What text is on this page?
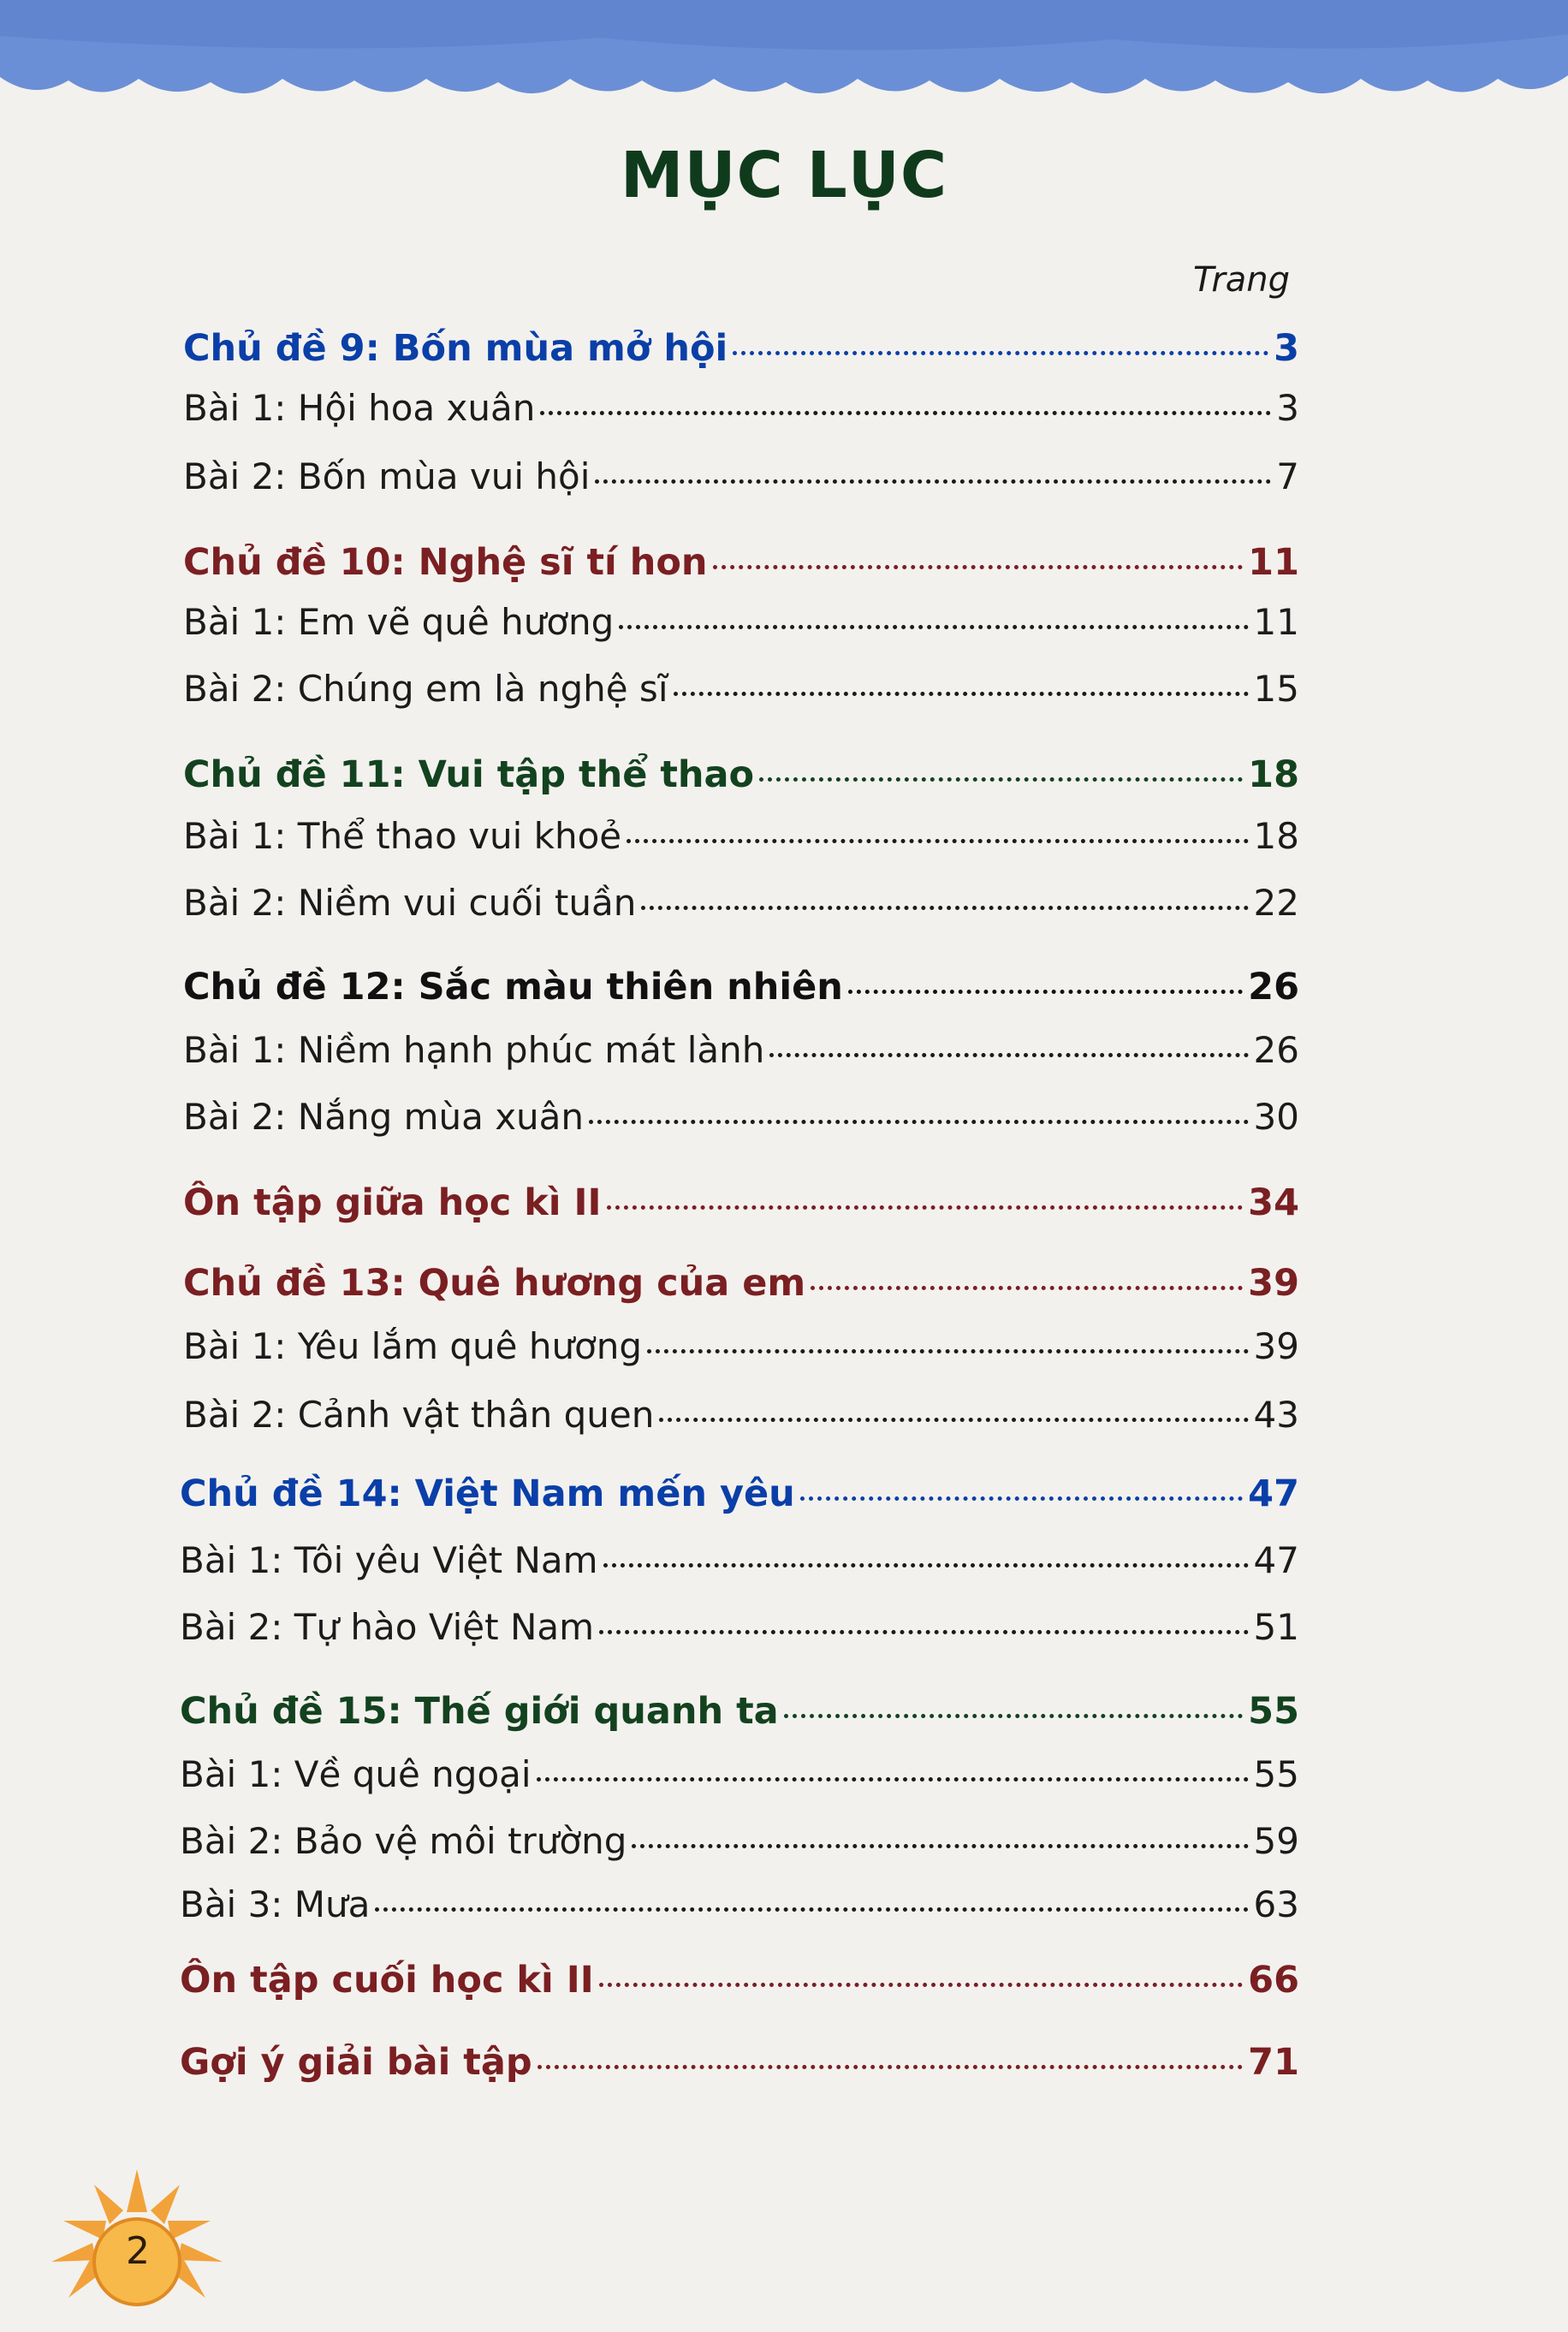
MỤC LỤC
Trang
Chủ đề 9: Bốn mùa mở hội	3
Bài 1: Hội hoa xuân	3
Bài 2: Bốn mùa vui hội	7
Chủ đề 10: Nghệ sĩ tí hon	11
Bài 1: Em vẽ quê hương	11
Bài 2: Chúng em là nghệ sĩ	15
Chủ đề 11: Vui tập thể thao	18
Bài 1: Thể thao vui khoẻ	18
Bài 2: Niềm vui cuối tuần	22
Chủ đề 12: Sắc màu thiên nhiên	26
Bài 1: Niềm hạnh phúc mát lành	26
Bài 2: Nắng mùa xuân	30
Ôn tập giữa học kì II	34
Chủ đề 13: Quê hương của em	39
Bài 1: Yêu lắm quê hương	39
Bài 2: Cảnh vật thân quen	43
Chủ đề 14: Việt Nam mến yêu	47
Bài 1: Tôi yêu Việt Nam	47
Bài 2: Tự hào Việt Nam	51
Chủ đề 15: Thế giới quanh ta	55
Bài 1: Về quê ngoại	55
Bài 2: Bảo vệ môi trường	59
Bài 3: Mưa	63
Ôn tập cuối học kì II	66
Gợi ý giải bài tập	71
2
